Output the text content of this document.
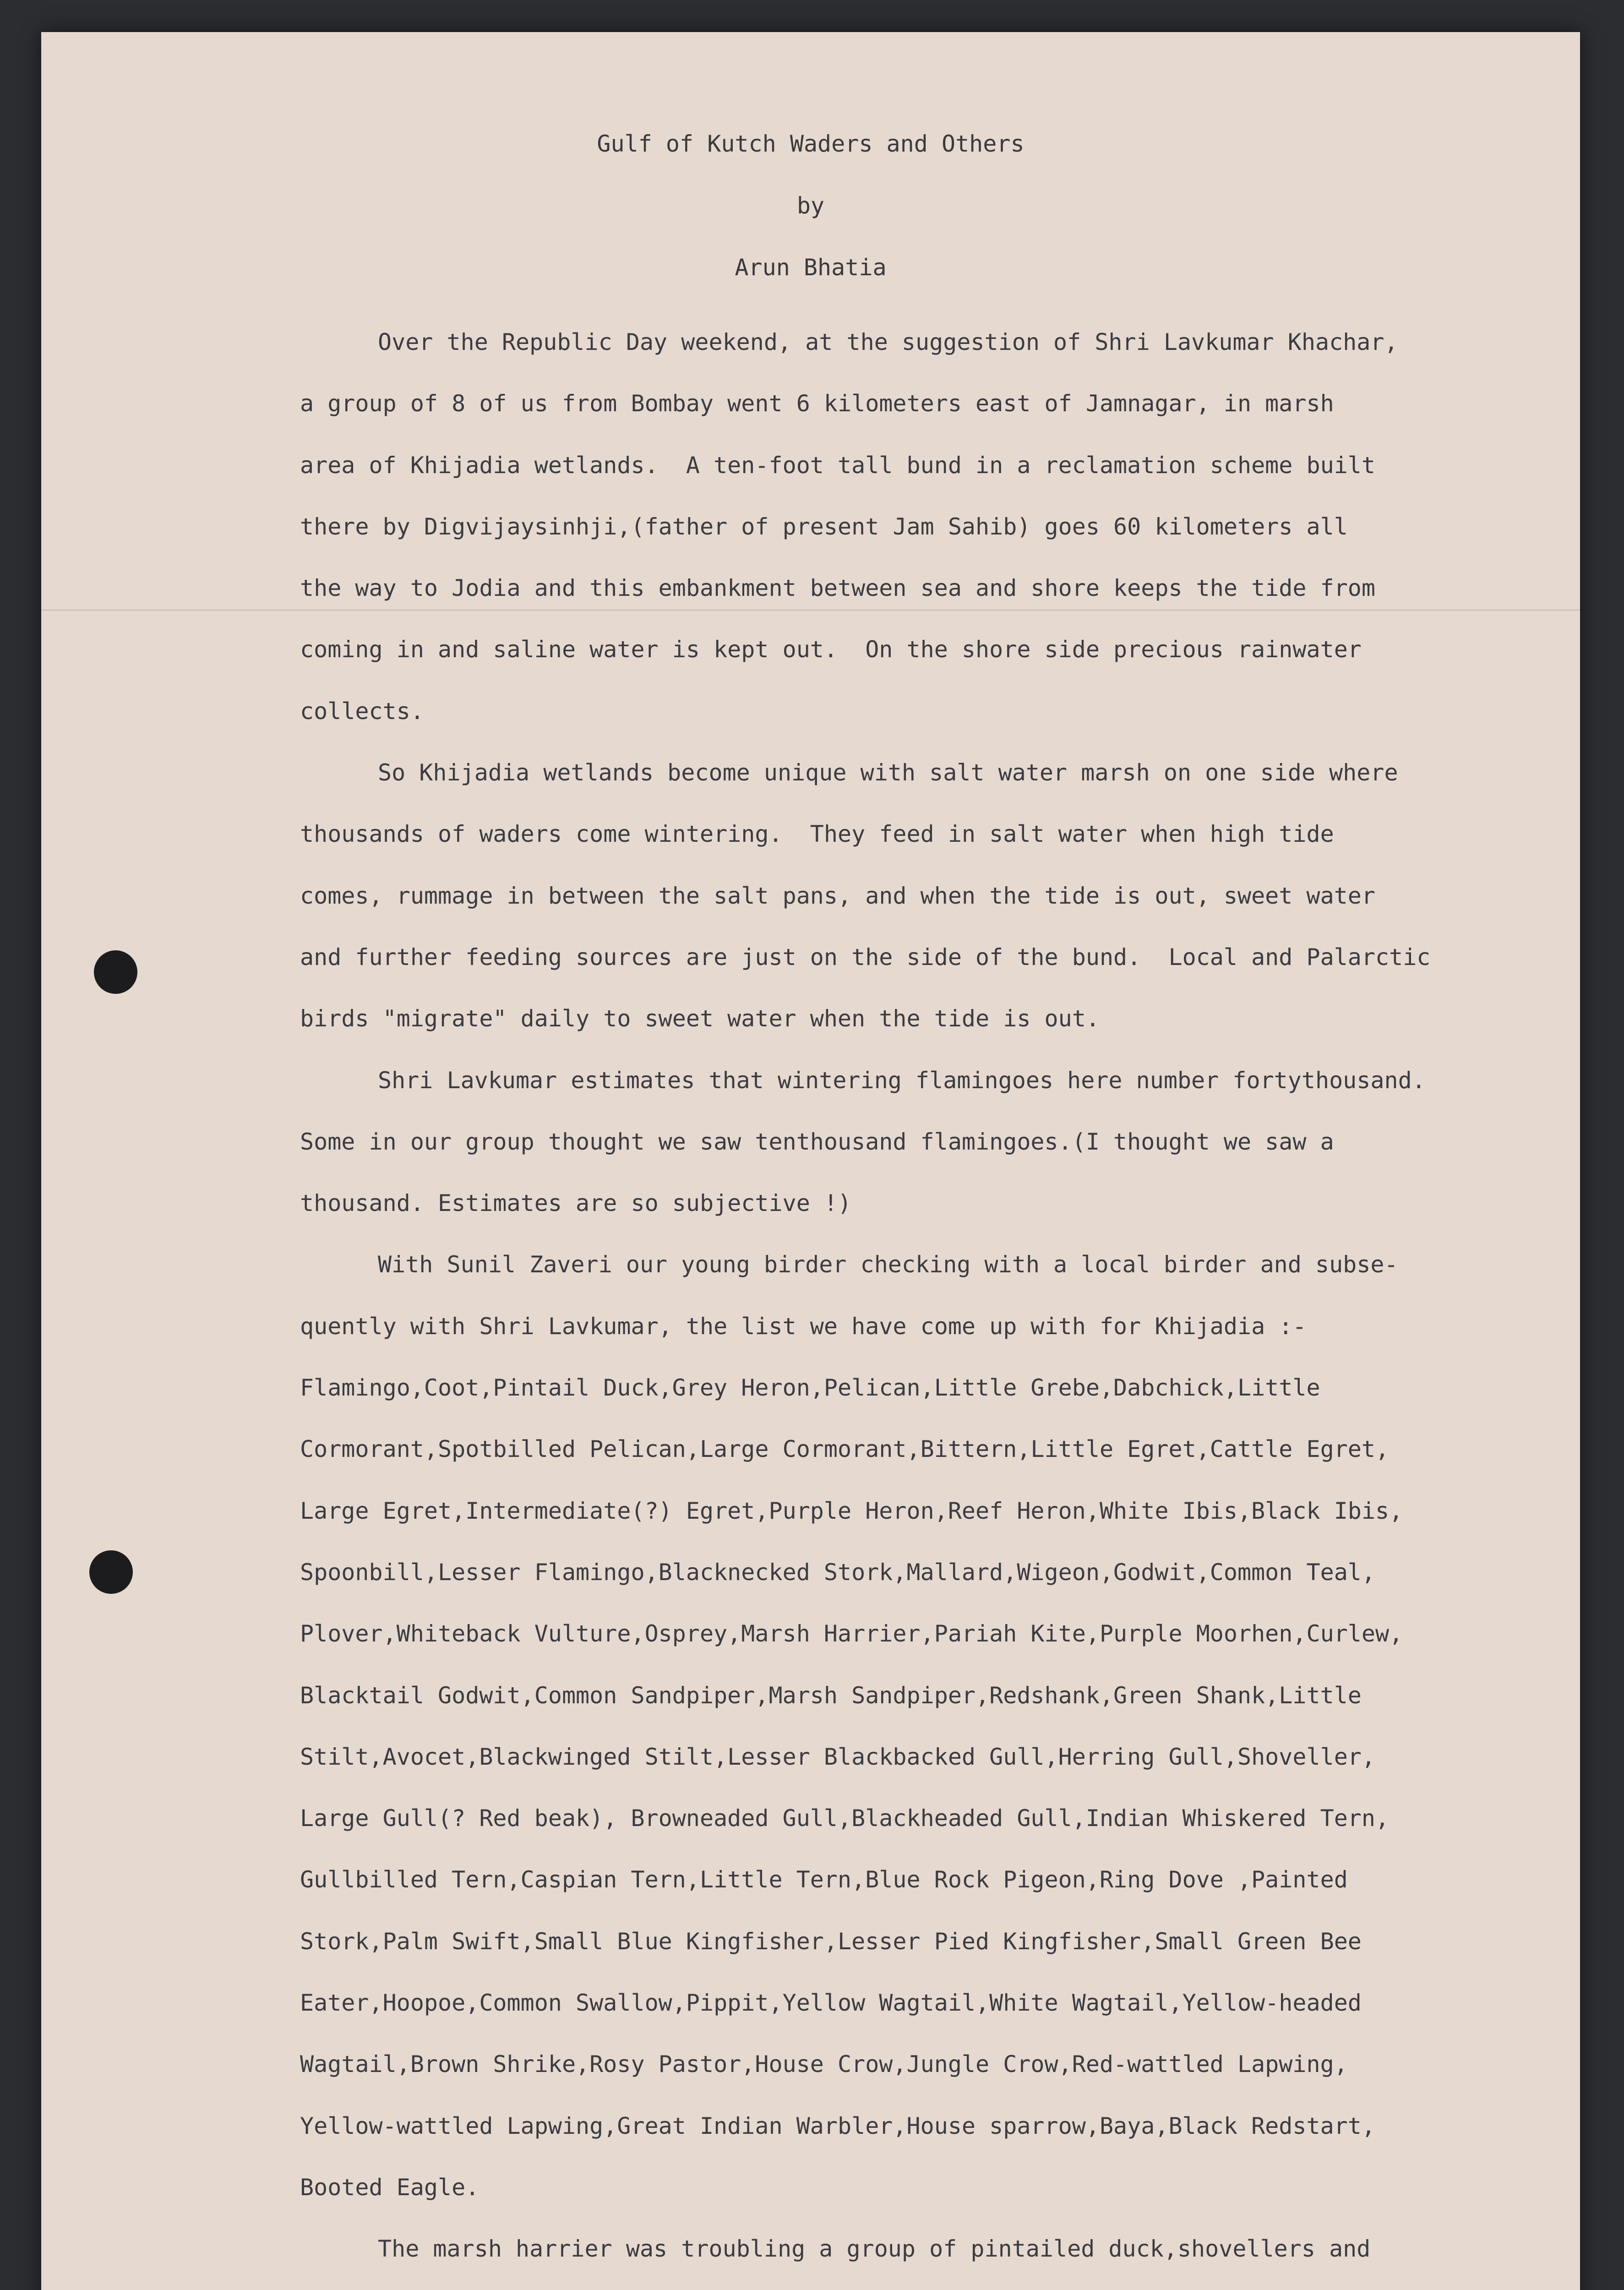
Gulf of Kutch Waders and Others
by
Arun Bhatia
Over the Republic Day weekend, at the suggestion of Shri Lavkumar Khachar,
a group of 8 of us from Bombay went 6 kilometers east of Jamnagar, in marsh
area of Khijadia wetlands.  A ten-foot tall bund in a reclamation scheme built
there by Digvijaysinhji,(father of present Jam Sahib) goes 60 kilometers all
the way to Jodia and this embankment between sea and shore keeps the tide from
coming in and saline water is kept out.  On the shore side precious rainwater
collects.
So Khijadia wetlands become unique with salt water marsh on one side where
thousands of waders come wintering.  They feed in salt water when high tide
comes, rummage in between the salt pans, and when the tide is out, sweet water
and further feeding sources are just on the side of the bund.  Local and Palarctic
birds "migrate" daily to sweet water when the tide is out.
Shri Lavkumar estimates that wintering flamingoes here number fortythousand.
Some in our group thought we saw tenthousand flamingoes.(I thought we saw a
thousand. Estimates are so subjective !)
With Sunil Zaveri our young birder checking with a local birder and subse-
quently with Shri Lavkumar, the list we have come up with for Khijadia :-
Flamingo,Coot,Pintail Duck,Grey Heron,Pelican,Little Grebe,Dabchick,Little
Cormorant,Spotbilled Pelican,Large Cormorant,Bittern,Little Egret,Cattle Egret,
Large Egret,Intermediate(?) Egret,Purple Heron,Reef Heron,White Ibis,Black Ibis,
Spoonbill,Lesser Flamingo,Blacknecked Stork,Mallard,Wigeon,Godwit,Common Teal,
Plover,Whiteback Vulture,Osprey,Marsh Harrier,Pariah Kite,Purple Moorhen,Curlew,
Blacktail Godwit,Common Sandpiper,Marsh Sandpiper,Redshank,Green Shank,Little
Stilt,Avocet,Blackwinged Stilt,Lesser Blackbacked Gull,Herring Gull,Shoveller,
Large Gull(? Red beak), Browneaded Gull,Blackheaded Gull,Indian Whiskered Tern,
Gullbilled Tern,Caspian Tern,Little Tern,Blue Rock Pigeon,Ring Dove ,Painted
Stork,Palm Swift,Small Blue Kingfisher,Lesser Pied Kingfisher,Small Green Bee
Eater,Hoopoe,Common Swallow,Pippit,Yellow Wagtail,White Wagtail,Yellow-headed
Wagtail,Brown Shrike,Rosy Pastor,House Crow,Jungle Crow,Red-wattled Lapwing,
Yellow-wattled Lapwing,Great Indian Warbler,House sparrow,Baya,Black Redstart,
Booted Eagle.
The marsh harrier was troubling a group of pintailed duck,shovellers and
